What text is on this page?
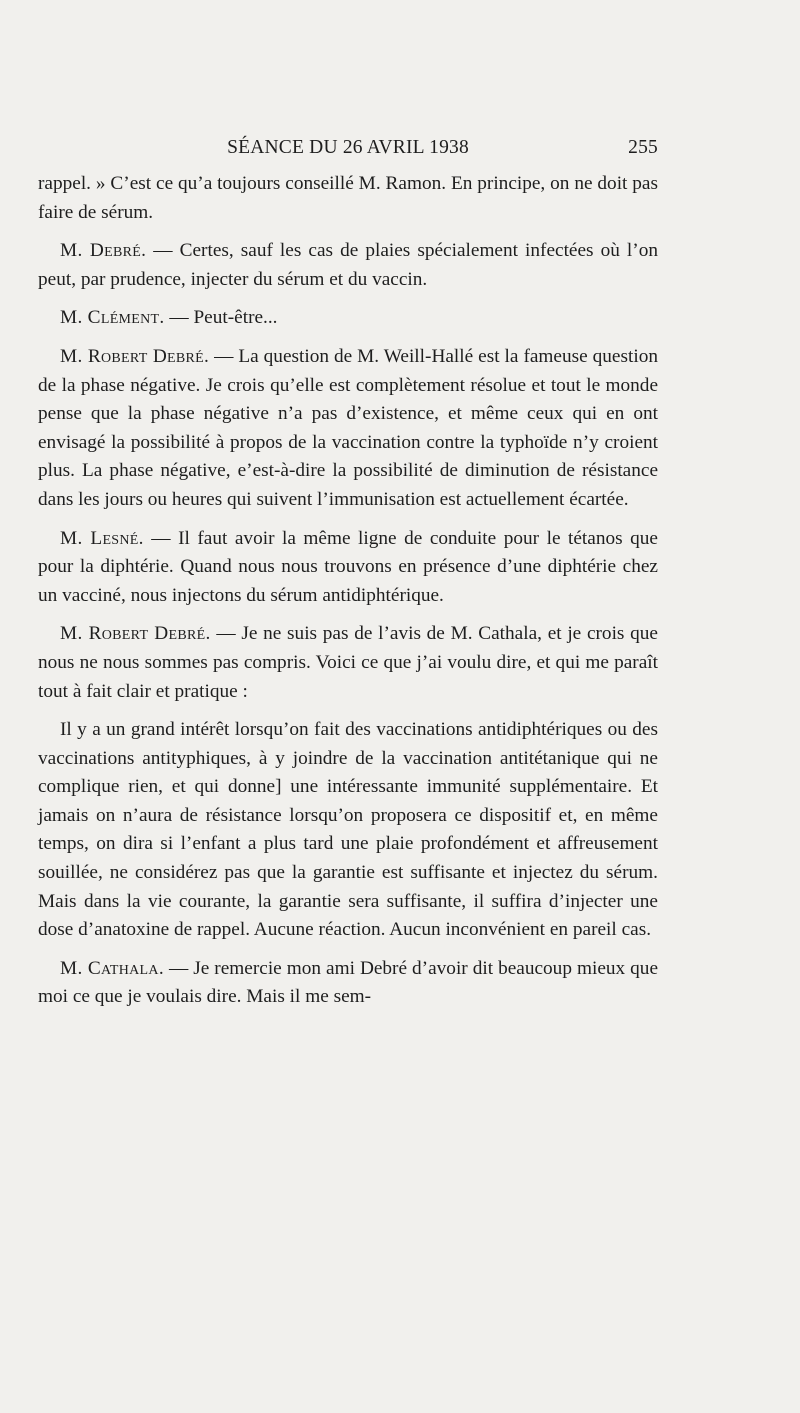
SÉANCE DU 26 AVRIL 1938	255

rappel. » C’est ce qu’a toujours conseillé M. Ramon. En principe, on ne doit pas faire de sérum.

M. Debré. — Certes, sauf les cas de plaies spécialement infectées où l’on peut, par prudence, injecter du sérum et du vaccin.

M. Clément. — Peut-être...

M. Robert Debré. — La question de M. Weill-Hallé est la fameuse question de la phase négative. Je crois qu’elle est complètement résolue et tout le monde pense que la phase négative n’a pas d’existence, et même ceux qui en ont envisagé la possibilité à propos de la vaccination contre la typhoïde n’y croient plus. La phase négative, e’est-à-dire la possibilité de diminution de résistance dans les jours ou heures qui suivent l’immunisation est actuellement écartée.

M. Lesné. — Il faut avoir la même ligne de conduite pour le tétanos que pour la diphtérie. Quand nous nous trouvons en présence d’une diphtérie chez un vacciné, nous injectons du sérum antidiphtérique.

M. Robert Debré. — Je ne suis pas de l’avis de M. Cathala, et je crois que nous ne nous sommes pas compris. Voici ce que j’ai voulu dire, et qui me paraît tout à fait clair et pratique :

Il y a un grand intérêt lorsqu’on fait des vaccinations antidiphtériques ou des vaccinations antityphiques, à y joindre de la vaccination antitétanique qui ne complique rien, et qui donne] une intéressante immunité supplémentaire. Et jamais on n’aura de résistance lorsqu’on proposera ce dispositif et, en même temps, on dira si l’enfant a plus tard une plaie profondément et affreusement souillée, ne considérez pas que la garantie est suffisante et injectez du sérum. Mais dans la vie courante, la garantie sera suffisante, il suffira d’injecter une dose d’anatoxine de rappel. Aucune réaction. Aucun inconvénient en pareil cas.

M. Cathala. — Je remercie mon ami Debré d’avoir dit beaucoup mieux que moi ce que je voulais dire. Mais il me sem-
